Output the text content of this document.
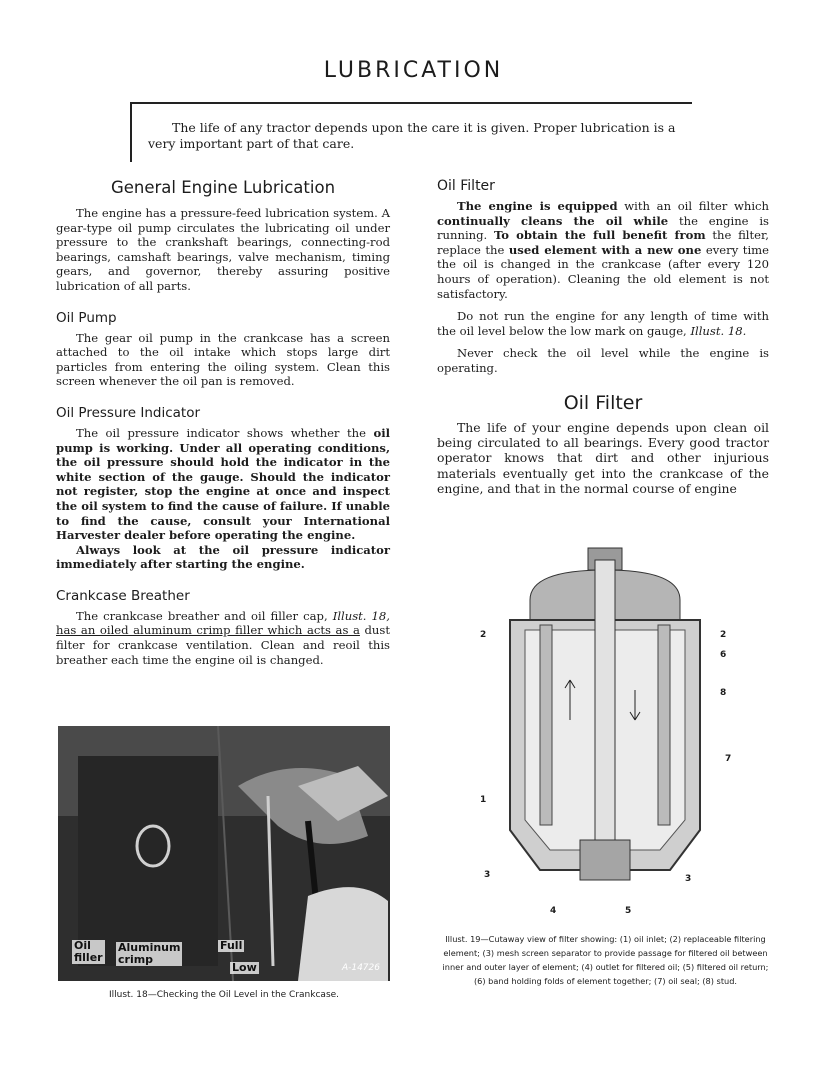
LUBRICATION
The life of any tractor depends upon the care it is given. Proper lubrication is a very important part of that care.
General Engine Lubrication

The engine has a pressure-feed lubrication system. A gear-type oil pump circulates the lubricating oil under pressure to the crankshaft bearings, connecting-rod bearings, camshaft bearings, valve mechanism, timing gears, and governor, thereby assuring positive lubrication of all parts.

Oil Pump

The gear oil pump in the crankcase has a screen attached to the oil intake which stops large dirt particles from entering the oiling system. Clean this screen whenever the oil pan is removed.

Oil Pressure Indicator

The oil pressure indicator shows whether the oil pump is working. Under all operating conditions, the oil pressure should hold the indicator in the white section of the gauge. Should the indicator not register, stop the engine at once and inspect the oil system to find the cause of failure. If unable to find the cause, consult your International Harvester dealer before operating the engine.

Always look at the oil pressure indicator immediately after starting the engine.

Crankcase Breather

The crankcase breather and oil filler cap, Illust. 18, has an oiled aluminum crimp filler which acts as a dust filter for crankcase ventilation. Clean and reoil this breather each time the engine oil is changed.

Oil
filler
Aluminum
crimp
Full
Low	A-14726
Illust. 18—Checking the Oil Level in the Crankcase.
Oil Filter

The engine is equipped with an oil filter which continually cleans the oil while the engine is running. To obtain the full benefit from the filter, replace the used element with a new one every time the oil is changed in the crankcase (after every 120 hours of operation). Cleaning the old element is not satisfactory.

Do not run the engine for any length of time with the oil level below the low mark on gauge, Illust. 18.

Never check the oil level while the engine is operating.

Oil Filter

The life of your engine depends upon clean oil being circulated to all bearings. Every good tractor operator knows that dirt and other injurious materials eventually get into the crankcase of the engine, and that in the normal course of engine

2	2
6
8
7
1
3	3
4	5
Illust. 19—Cutaway view of filter showing: (1) oil inlet; (2) replaceable filtering element; (3) mesh screen separator to provide passage for filtered oil between inner and outer layer of element; (4) outlet for filtered oil; (5) filtered oil return; (6) band holding folds of element together; (7) oil seal; (8) stud.
